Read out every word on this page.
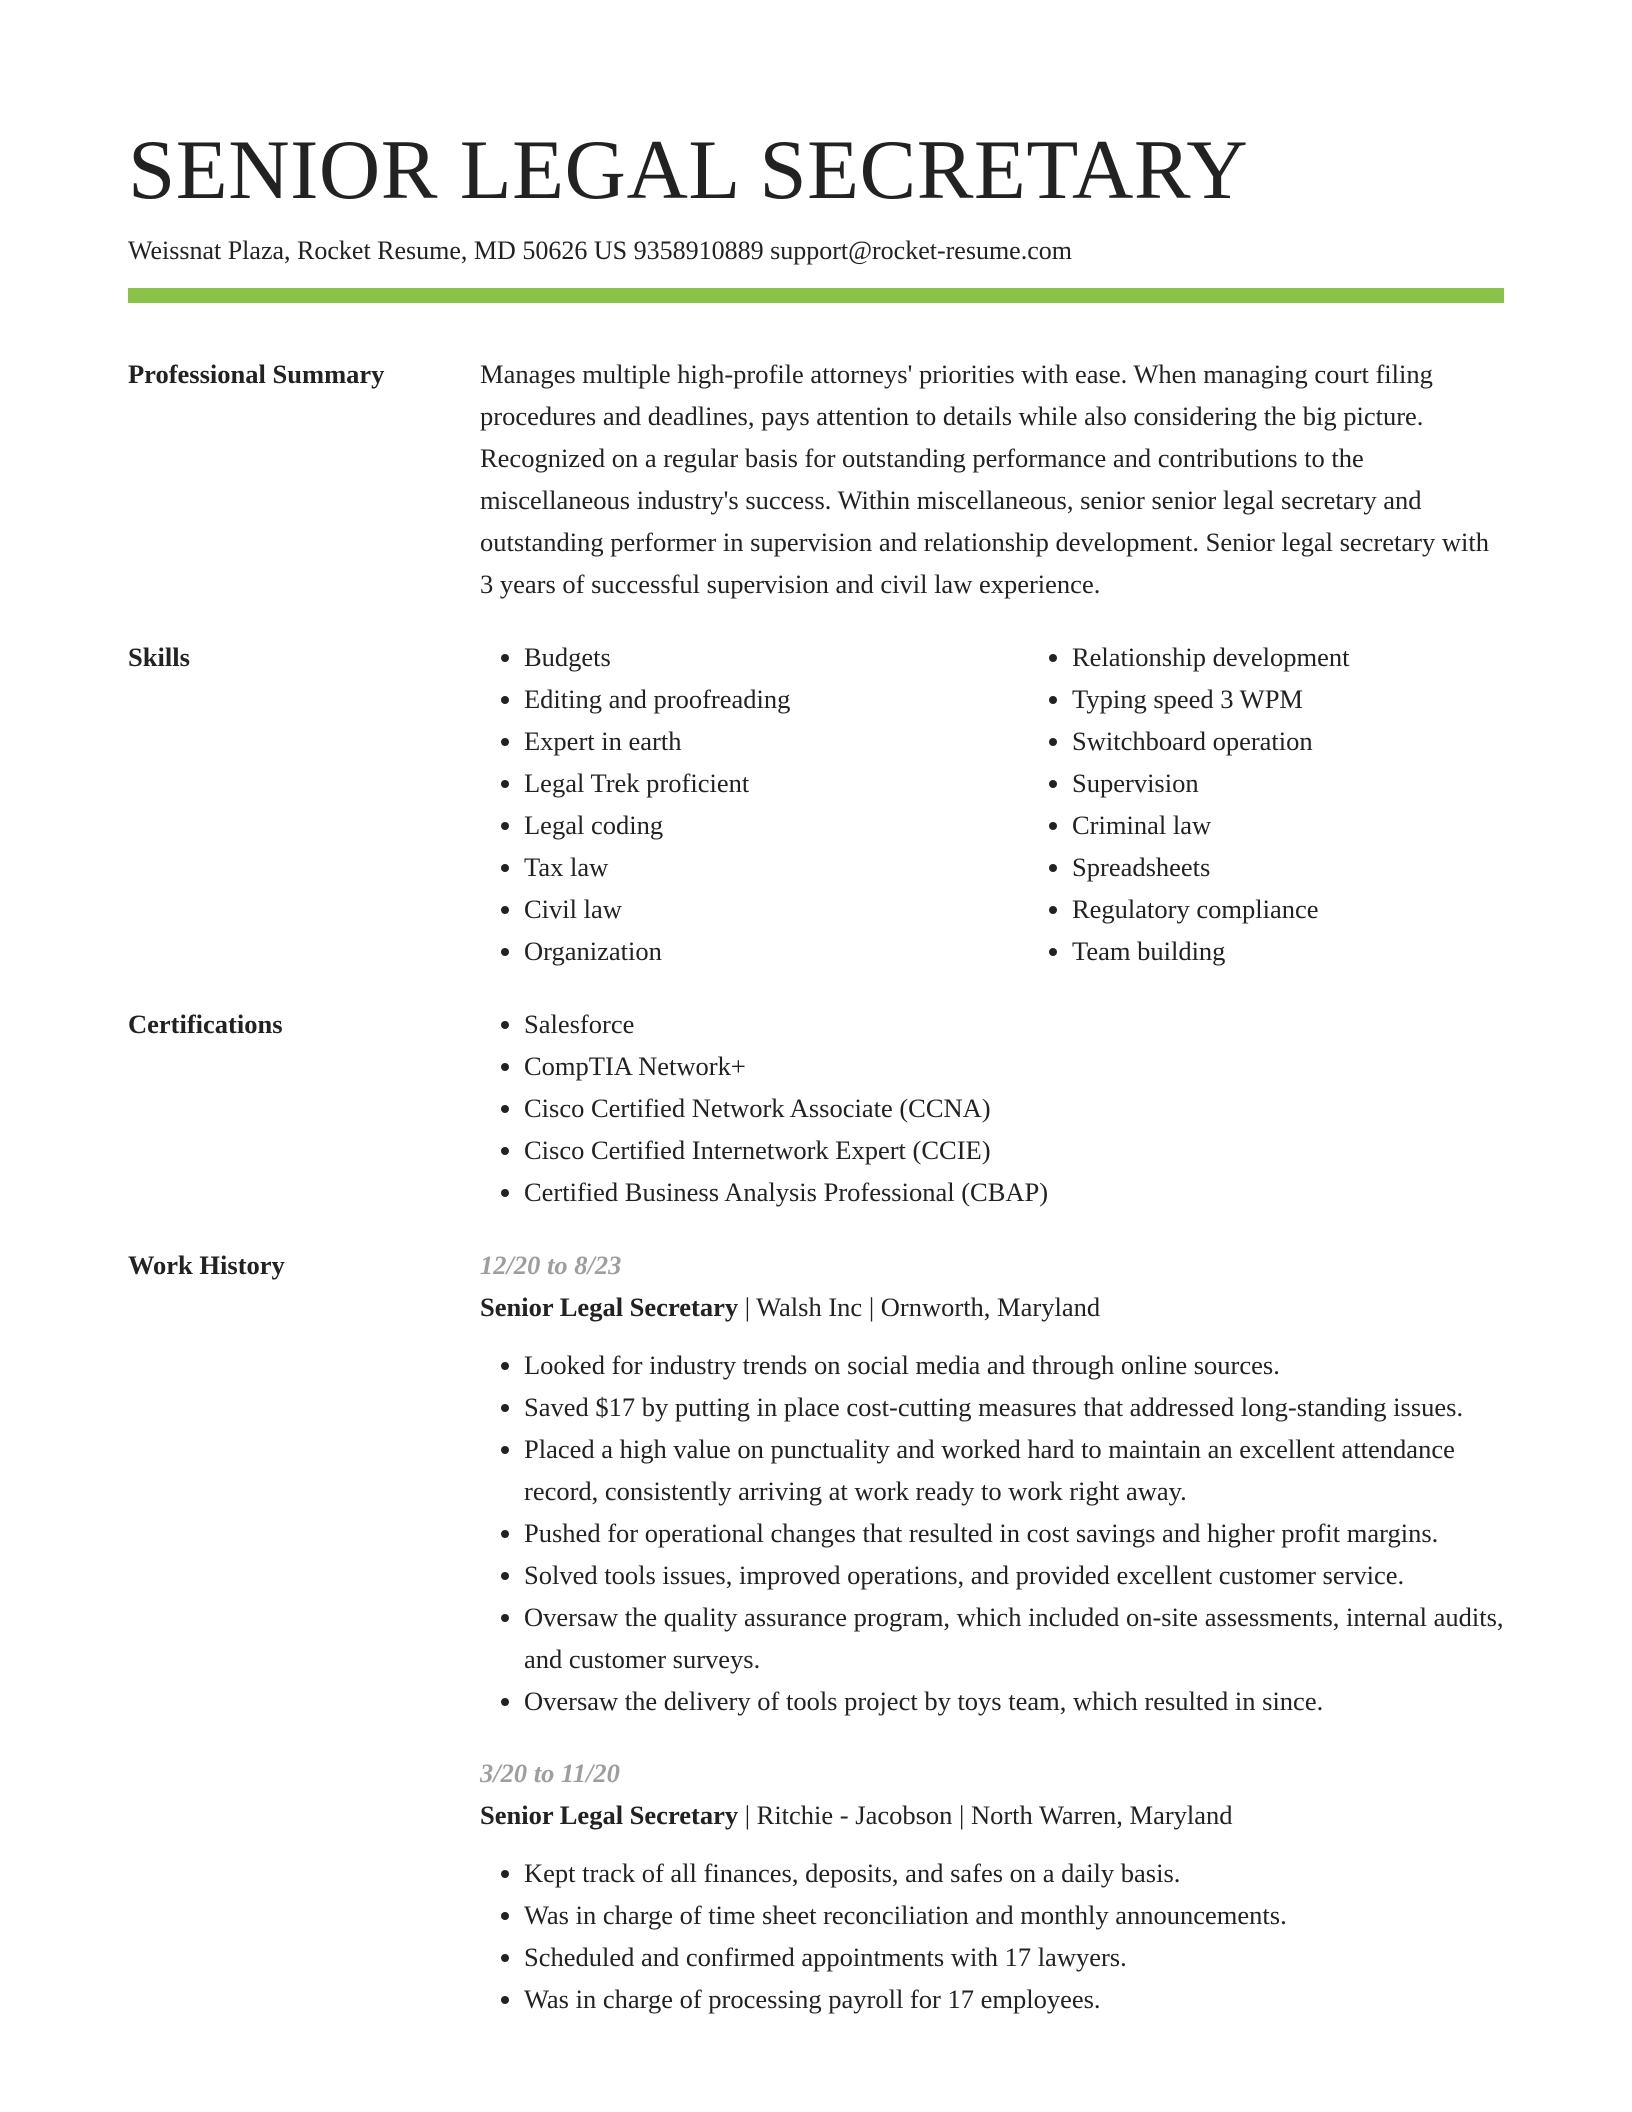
SENIOR LEGAL SECRETARY
Weissnat Plaza, Rocket Resume, MD 50626 US 9358910889 support@rocket-resume.com
Professional Summary	Manages multiple high-profile attorneys' priorities with ease. When managing court filing procedures and deadlines, pays attention to details while also considering the big picture. Recognized on a regular basis for outstanding performance and contributions to the miscellaneous industry's success. Within miscellaneous, senior senior legal secretary and outstanding performer in supervision and relationship development. Senior legal secretary with 3 years of successful supervision and civil law experience.
Skills	• Budgets
• Editing and proofreading
• Expert in earth
• Legal Trek proficient
• Legal coding
• Tax law
• Civil law
• Organization
• Relationship development
• Typing speed 3 WPM
• Switchboard operation
• Supervision
• Criminal law
• Spreadsheets
• Regulatory compliance
• Team building
Certifications	• Salesforce
• CompTIA Network+
• Cisco Certified Network Associate (CCNA)
• Cisco Certified Internetwork Expert (CCIE)
• Certified Business Analysis Professional (CBAP)
Work History	12/20 to 8/23
Senior Legal Secretary | Walsh Inc | Ornworth, Maryland
• Looked for industry trends on social media and through online sources.
• Saved $17 by putting in place cost-cutting measures that addressed long-standing issues.
• Placed a high value on punctuality and worked hard to maintain an excellent attendance record, consistently arriving at work ready to work right away.
• Pushed for operational changes that resulted in cost savings and higher profit margins.
• Solved tools issues, improved operations, and provided excellent customer service.
• Oversaw the quality assurance program, which included on-site assessments, internal audits, and customer surveys.
• Oversaw the delivery of tools project by toys team, which resulted in since.
3/20 to 11/20
Senior Legal Secretary | Ritchie - Jacobson | North Warren, Maryland
• Kept track of all finances, deposits, and safes on a daily basis.
• Was in charge of time sheet reconciliation and monthly announcements.
• Scheduled and confirmed appointments with 17 lawyers.
• Was in charge of processing payroll for 17 employees.
